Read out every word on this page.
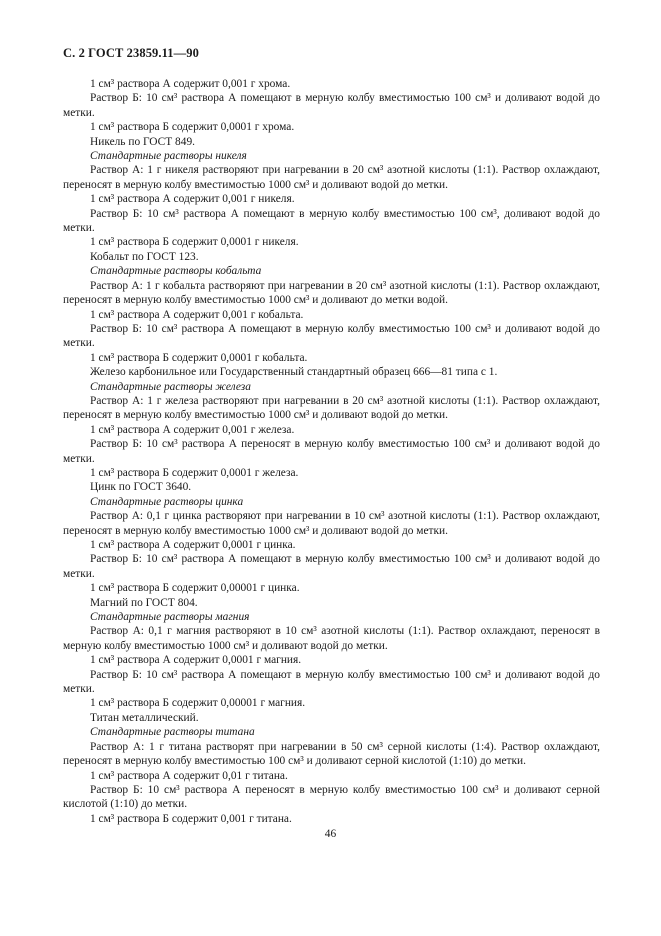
С. 2 ГОСТ 23859.11—90

1 см³ раствора А содержит 0,001 г хрома.

Раствор Б: 10 см³ раствора А помещают в мерную колбу вместимостью 100 см³ и доливают водой до метки.

1 см³ раствора Б содержит 0,0001 г хрома.

Никель по ГОСТ 849.

Стандартные растворы никеля

Раствор А: 1 г никеля растворяют при нагревании в 20 см³ азотной кислоты (1:1). Раствор охлаждают, переносят в мерную колбу вместимостью 1000 см³ и доливают водой до метки.

1 см³ раствора А содержит 0,001 г никеля.

Раствор Б: 10 см³ раствора А помещают в мерную колбу вместимостью 100 см³, доливают водой до метки.

1 см³ раствора Б содержит 0,0001 г никеля.

Кобальт по ГОСТ 123.

Стандартные растворы кобальта

Раствор А: 1 г кобальта растворяют при нагревании в 20 см³ азотной кислоты (1:1). Раствор охлаждают, переносят в мерную колбу вместимостью 1000 см³ и доливают до метки водой.

1 см³ раствора А содержит 0,001 г кобальта.

Раствор Б: 10 см³ раствора А помещают в мерную колбу вместимостью 100 см³ и доливают водой до метки.

1 см³ раствора Б содержит 0,0001 г кобальта.

Железо карбонильное или Государственный стандартный образец 666—81 типа с 1.

Стандартные растворы железа

Раствор А: 1 г железа растворяют при нагревании в 20 см³ азотной кислоты (1:1). Раствор охлаждают, переносят в мерную колбу вместимостью 1000 см³ и доливают водой до метки.

1 см³ раствора А содержит 0,001 г железа.

Раствор Б: 10 см³ раствора А переносят в мерную колбу вместимостью 100 см³ и доливают водой до метки.

1 см³ раствора Б содержит 0,0001 г железа.

Цинк по ГОСТ 3640.

Стандартные растворы цинка

Раствор А: 0,1 г цинка растворяют при нагревании в 10 см³ азотной кислоты (1:1). Раствор охлаждают, переносят в мерную колбу вместимостью 1000 см³ и доливают водой до метки.

1 см³ раствора А содержит 0,0001 г цинка.

Раствор Б: 10 см³ раствора А помещают в мерную колбу вместимостью 100 см³ и доливают водой до метки.

1 см³ раствора Б содержит 0,00001 г цинка.

Магний по ГОСТ 804.

Стандартные растворы магния

Раствор А: 0,1 г магния растворяют в 10 см³ азотной кислоты (1:1). Раствор охлаждают, переносят в мерную колбу вместимостью 1000 см³ и доливают водой до метки.

1 см³ раствора А содержит 0,0001 г магния.

Раствор Б: 10 см³ раствора А помещают в мерную колбу вместимостью 100 см³ и доливают водой до метки.

1 см³ раствора Б содержит 0,00001 г магния.

Титан металлический.

Стандартные растворы титана

Раствор А: 1 г титана растворят при нагревании в 50 см³ серной кислоты (1:4). Раствор охлаждают, переносят в мерную колбу вместимостью 100 см³ и доливают серной кислотой (1:10) до метки.

1 см³ раствора А содержит 0,01 г титана.

Раствор Б: 10 см³ раствора А переносят в мерную колбу вместимостью 100 см³ и доливают серной кислотой (1:10) до метки.

1 см³ раствора Б содержит 0,001 г титана.

46
